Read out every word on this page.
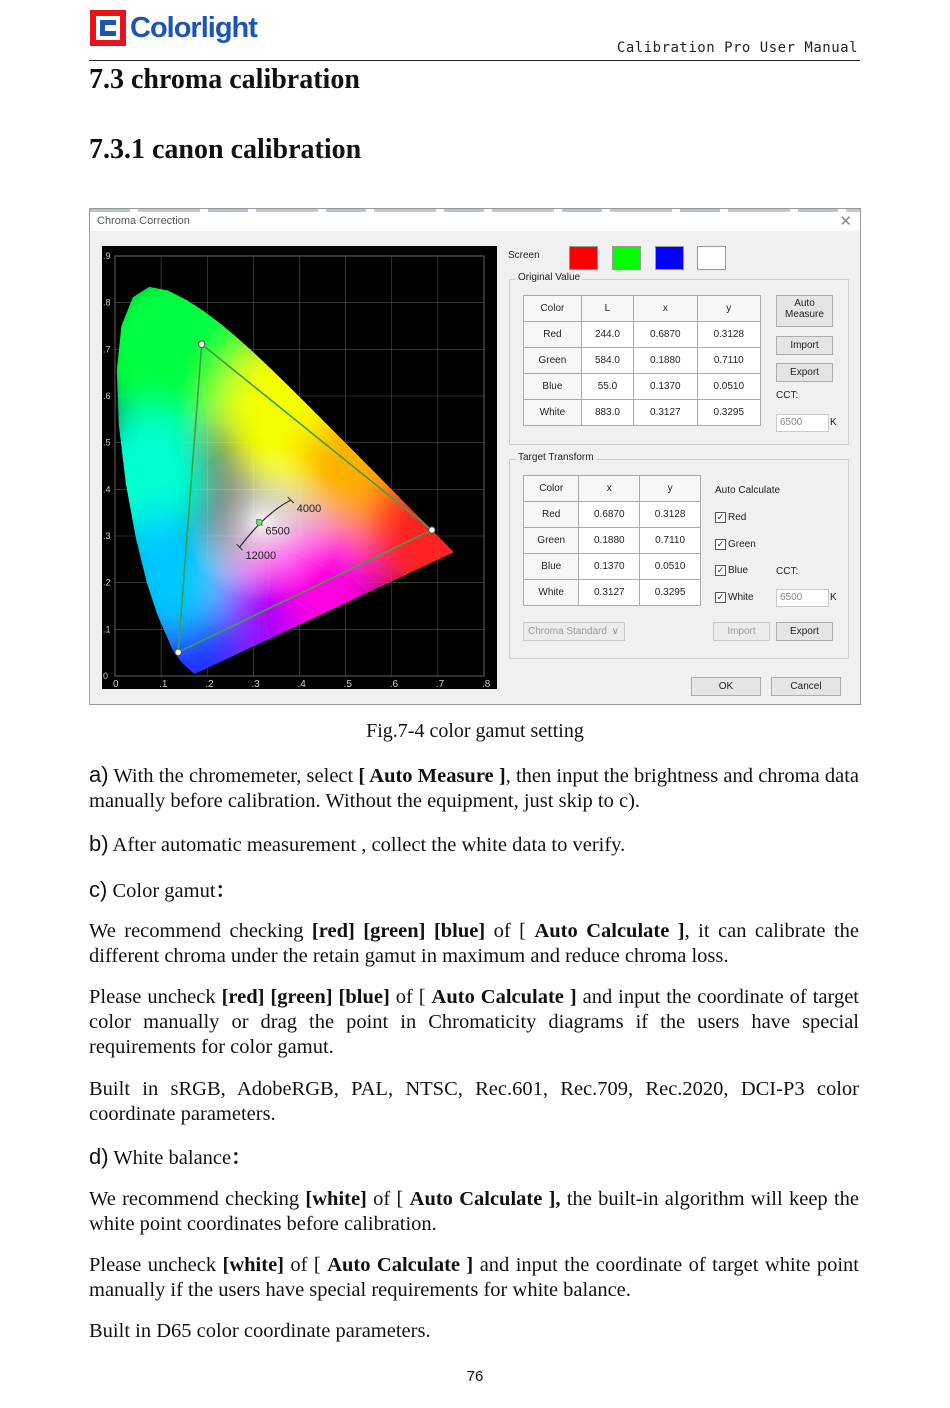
Colorlight
Calibration Pro User Manual
7.3 chroma calibration
7.3.1 canon calibration
Chroma Correction	✕
0	.1	.2	.3	.4	.5	.6	.7	.8
.9
.8
.7
.6
.5
.4
.3
.2
.1
0
4000
6500
12000
Screen
Original Value
Color	L	x	y
Red	244.0	0.6870	0.3128
Green	584.0	0.1880	0.7110
Blue	55.0	0.1370	0.0510
White	883.0	0.3127	0.3295
Auto
Measure
Import
Export
CCT:
6500	K
Target Transform
Color	x	y
Red	0.6870	0.3128
Green	0.1880	0.7110
Blue	0.1370	0.0510
White	0.3127	0.3295
Auto Calculate
✓ Red
✓ Green
✓ Blue
✓ White
CCT:
6500	K
Chroma Standard ∨	Import	Export
OK	Cancel
Fig.7-4 color gamut setting
a) With the chromemeter, select [ Auto Measure ], then input the brightness and chroma data manually before calibration. Without the equipment, just skip to c).
b) After automatic measurement , collect the white data to verify.
c) Color gamut：
We recommend checking [red] [green] [blue] of [ Auto Calculate ], it can calibrate the different chroma under the retain gamut in maximum and reduce chroma loss.
Please uncheck [red] [green] [blue] of [ Auto Calculate ] and input the coordinate of target color manually or drag the point in Chromaticity diagrams if the users have special requirements for color gamut.
Built in sRGB, AdobeRGB, PAL, NTSC, Rec.601, Rec.709, Rec.2020, DCI-P3 color coordinate parameters.
d) White balance：
We recommend checking [white] of [ Auto Calculate ], the built-in algorithm will keep the white point coordinates before calibration.
Please uncheck [white] of [ Auto Calculate ] and input the coordinate of target white point manually if the users have special requirements for white balance.
Built in D65 color coordinate parameters.
76
